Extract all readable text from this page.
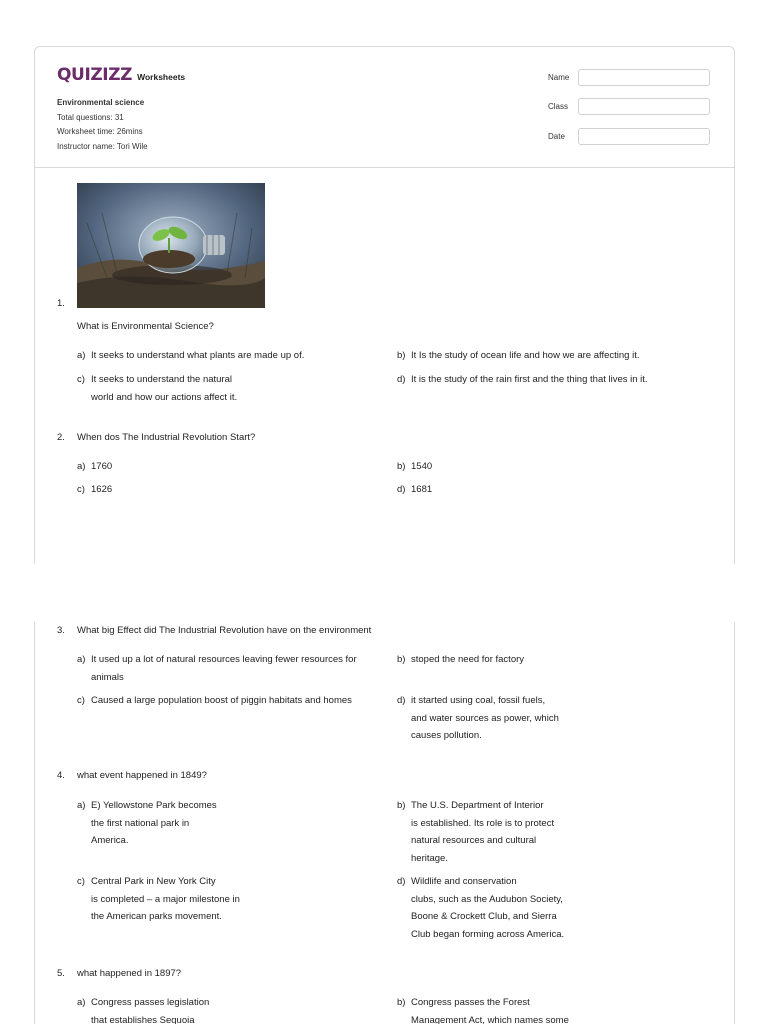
QUIZIZZ Worksheets
Environmental science
Total questions: 31
Worksheet time: 26mins
Instructor name: Tori Wile
Name
Class
Date
1.
What is Environmental Science?
a) It seeks to understand what plants are made up of.	b) It Is the study of ocean life and how we are affecting it.
c) It seeks to understand the natural
world and how our actions affect it.
d) It is the study of the rain first and the thing that lives in it.
2. When dos The Industrial Revolution Start?
a) 1760	b) 1540
c) 1626	d) 1681
3. What big Effect did The Industrial Revolution have on the environment
a) It used up a lot of natural resources leaving fewer resources for
animals
b) stoped the need for factory
c) Caused a large population boost of piggin habitats and homes	d) it started using coal, fossil fuels,
and water sources as power, which
causes pollution.
4. what event happened in 1849?
a) E) Yellowstone Park becomes
the first national park in
America.
b) The U.S. Department of Interior
is established. Its role is to protect
natural resources and cultural
heritage.
c) Central Park in New York City
is completed – a major milestone in
the American parks movement.
d) Wildlife and conservation
clubs, such as the Audubon Society,
Boone & Crockett Club, and Sierra
Club began forming across America.
5. what happened in 1897?
a) Congress passes legislation
that establishes Sequoia
b) Congress passes the Forest
Management Act, which names some
